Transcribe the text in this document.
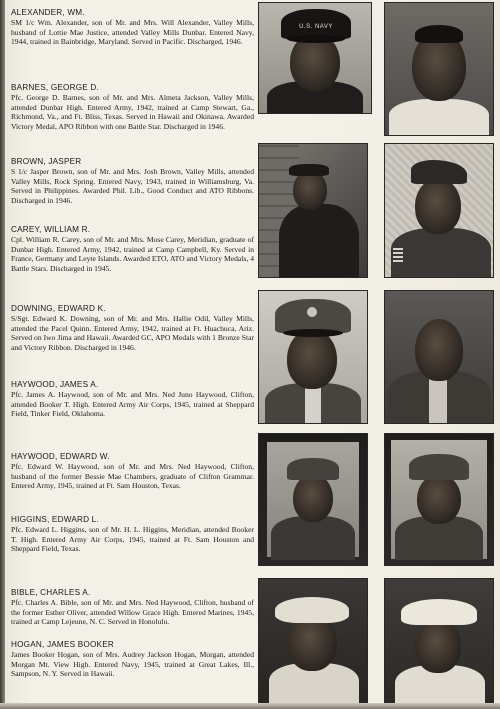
ALEXANDER, WM.
SM 1/c Wm. Alexander, son of Mr. and Mrs. Will Alexander, Valley Mills, husband of Lottie Mae Justice, attended Valley Mills Dunbar. Entered Navy, 1944, trained in Bainbridge, Maryland. Served in Pacific. Discharged, 1946.
BARNES, GEORGE D.
Pfc. George D. Barnes, son of Mr. and Mrs. Almeta Jackson, Valley Mills, attended Dunbar High. Entered Army, 1942, trained at Camp Stewart, Ga., Richmond, Va., and Ft. Bliss, Texas. Served in Hawaii and Okinawa. Awarded Victory Medal, APO Ribbon with one Battle Star. Discharged in 1946.
BROWN, JASPER
S 1/c Jasper Brown, son of Mr. and Mrs. Josh Brown, Valley Mills, attended Valley Mills, Rock Spring. Entered Navy, 1943, trained in Williamsburg, Va. Served in Philippines. Awarded Phil. Lib., Good Conduct and ATO Ribbons. Discharged in 1946.
CAREY, WILLIAM R.
Cpl. William R. Carey, son of Mr. and Mrs. Mose Carey, Meridian, graduate of Dunbar High. Entered Army, 1942, trained at Camp Campbell, Ky. Served in France, Germany and Leyte Islands. Awarded ETO, ATO and Victory Medals, 4 Battle Stars. Discharged in 1945.
DOWNING, EDWARD K.
S/Sgt. Edward K. Downing, son of Mr. and Mrs. Hallie Odil, Valley Mills, attended the Pacel Quinn. Entered Army, 1942, trained at Ft. Huachuca, Ariz. Served on Iwo Jima and Hawaii. Awarded GC, APO Medals with 1 Bronze Star and Victory Ribbon. Discharged in 1946.
HAYWOOD, JAMES A.
Pfc. James A. Haywood, son of Mr. and Mrs. Ned Juno Haywood, Clifton, attended Booker T. High. Entered Army Air Corps, 1945, trained at Sheppard Field, Tinker Field, Oklahoma.
HAYWOOD, EDWARD W.
Pfc. Edward W. Haywood, son of Mr. and Mrs. Ned Haywood, Clifton, husband of the former Bessie Mae Chambers, graduate of Clifton Grammar. Entered Army, 1945, trained at Ft. Sam Houston, Texas.
HIGGINS, EDWARD L.
Pfc. Edward L. Higgins, son of Mr. H. L. Higgins, Meridian, attended Booker T. High. Entered Army Air Corps, 1945, trained at Ft. Sam Houston and Sheppard Field, Texas.
BIBLE, CHARLES A.
Pfc. Charles A. Bible, son of Mr. and Mrs. Ned Haywood, Clifton, husband of the former Esther Oliver, attended Willow Grace High. Entered Marines, 1945, trained at Camp Lejeune, N. C. Served in Honolulu.
HOGAN, JAMES BOOKER
James Booker Hogan, son of Mrs. Audrey Jackson Hogan, Morgan, attended Morgan Mt. View High. Entered Navy, 1945, trained at Great Lakes, Ill., Sampson, N. Y. Served in Hawaii.
U.S. NAVY
